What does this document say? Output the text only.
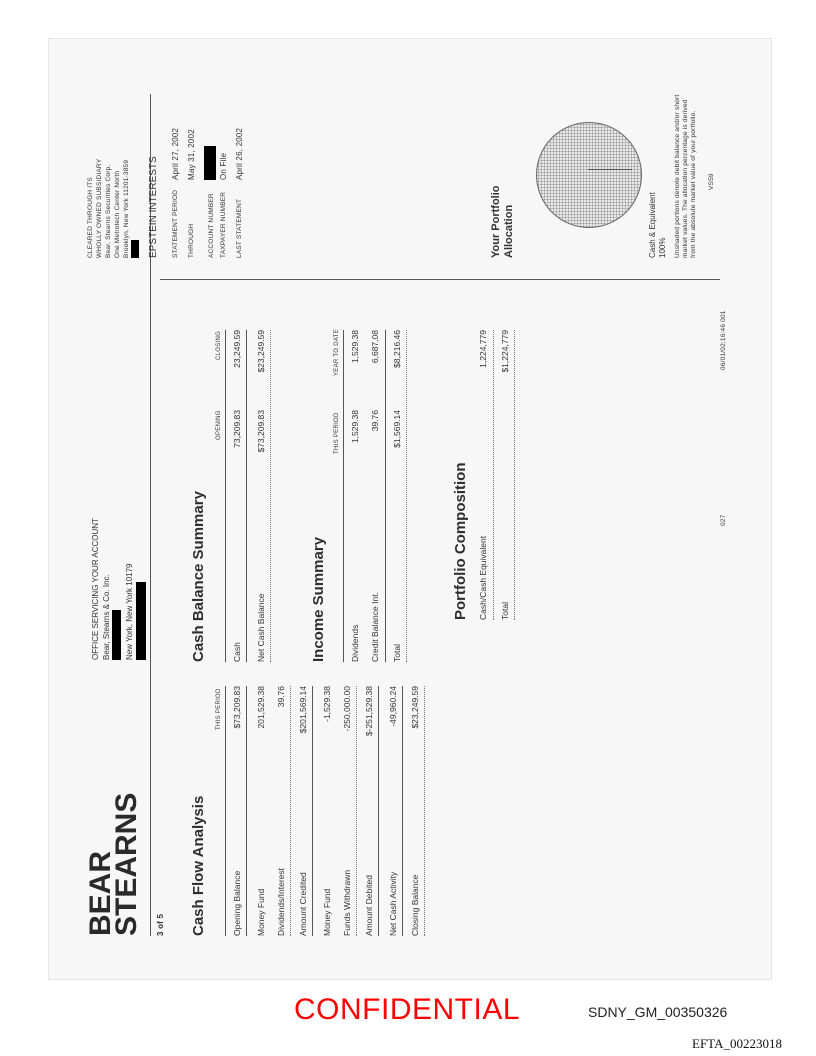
BEAR
STEARNS 3 of 5
OFFICE SERVICING YOUR ACCOUNT Bear, Stearns & Co. Inc. New York, New York 10179
CLEARED THROUGH ITS WHOLLY OWNED SUBSIDIARY Bear, Stearns Securities Corp. One Metrotech Center North Brooklyn, New York 11201-3859 EPSTEIN INTERESTS STATEMENT PERIOD
April 27, 2002
THROUGH
May 31, 2002
ACCOUNT NUMBER TAXPAYER NUMBER
On File
LAST STATEMENT
April 26, 2002
Cash Flow Analysis
THIS PERIOD
Opening Balance
$73,209.83
Money Fund
201,529.38
Dividends/Interest
39.76
Amount Credited
$201,569.14
Money Fund
-1,529.38
Funds Withdrawn
-250,000.00
Amount Debited
$-251,529.38
Net Cash Activity
-49,960.24
Closing Balance
$23,249.59
Cash Balance Summary
OPENING
CLOSING
Cash
73,209.83
23,249.59
Net Cash Balance
$73,209.83
$23,249.59
Income Summary
THIS PERIOD
YEAR TO DATE
Dividends
1,529.38
1,529.38
Credit Balance Int.
39.76
6,687.08
Total
$1,569.14
$8,216.46
Portfolio Composition Cash/Cash Equivalent
1,224,779
Total
$1,224,779
Your Portfolio Allocation	Cash & Equivalent 100% Unshaded portions denote debit balance and/or short market values. The allocation percentage is derived from the absolute market value of your portfolio. VS59
027
06/01/02;16:46 001
CONFIDENTIAL	SDNY_GM_00350326
EFTA_00223018
